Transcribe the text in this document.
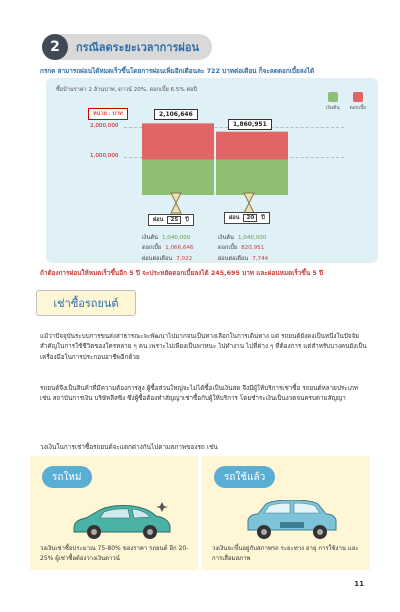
2	กรณีลดระยะเวลาการผ่อน
กรกต สามารถผ่อนได้หมดเร็วขึ้นโดยการผ่อนเพิ่มอีกเดือนละ 722 บาทต่อเดือน ก็จะลดดอกเบี้ยลงได้
ซื้อบ้านราคา 2 ล้านบาท, ดาวน์ 20%, ดอกเบี้ย 6.5% ต่อปี
เงินต้น ดอกเบี้ย
หน่วย : บาท
2,000,000
1,000,000
2,106,646
1,860,951
ผ่อน	25	ปี	ผ่อน	20	ปี
เงินต้น 1,040,000
ดอกเบี้ย 1,066,646
ผ่อนต่อเดือน 7,022
เงินต้น 1,040,000
ดอกเบี้ย 820,951
ผ่อนต่อเดือน 7,744
ถ้าต้องการผ่อนให้หมดเร็วขึ้นอีก 5 ปี จะประหยัดดอกเบี้ยลงได้ 245,695 บาท และผ่อนหมดเร็วขึ้น 5 ปี
เช่าซื้อรถยนต์
แม้ว่าปัจจุบันระบบการขนส่งสาธารณะจะพัฒนาไปมากจนเป็นทางเลือกในการเดินทาง แต่ รถยนต์ยังคงเป็นหนึ่งในปัจจัยสำคัญในการใช้ชีวิตของใครหลาย ๆ คน เพราะไม่เพียงเป็นพาหนะ ไปทำงาน ไปที่ต่าง ๆ ที่ต้องการ แต่สำหรับบางคนยังเป็นเครื่องมือในการประกอบอาชีพอีกด้วย
รถยนต์จึงเป็นสินค้าที่มีความต้องการสูง ผู้ซื้อส่วนใหญ่จะไม่ได้ซื้อเป็นเงินสด จึงมีผู้ให้บริการเช่าซื้อ รถยนต์หลายประเภท เช่น สถาบันการเงิน บริษัทลีสซิ่ง ซึ่งผู้ซื้อต้องทำสัญญาเช่าซื้อกับผู้ให้บริการ โดยชำระเงินเป็นงวดจนครบตามสัญญา
วงเงินในการเช่าซื้อรถยนต์จะแตกต่างกันไปตามสภาพของรถ เช่น
รถใหม่
วงเงินเช่าซื้อประมาณ 75-80% ของราคา รถยนต์ อีก 20-25% ผู้เช่าซื้อต้องวางเงินดาวน์
รถใช้แล้ว
วงเงินจะขึ้นอยู่กับสภาพรถ ระยะทาง อายุ การใช้งาน และการเสื่อมสภาพ
11
